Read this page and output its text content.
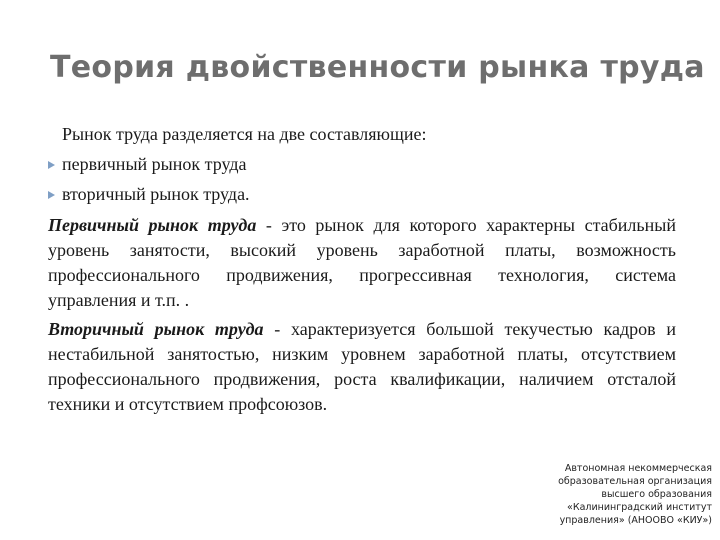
Теория двойственности рынка труда
Рынок труда разделяется на две составляющие:
первичный рынок труда
вторичный рынок труда.
Первичный рынок труда - это рынок для которого характерны стабильный уровень занятости, высокий уровень заработной платы, возможность профессионального продвижения, прогрессивная технология, система управления и т.п. .
Вторичный рынок труда - характеризуется большой текучестью кадров и нестабильной занятостью, низким уровнем заработной платы, отсутствием профессионального продвижения, роста квалификации, наличием отсталой техники и отсутствием профсоюзов.
Автономная некоммерческая
образовательная организация
высшего образования
«Калининградский институт
управления» (АНООВО «КИУ»)
